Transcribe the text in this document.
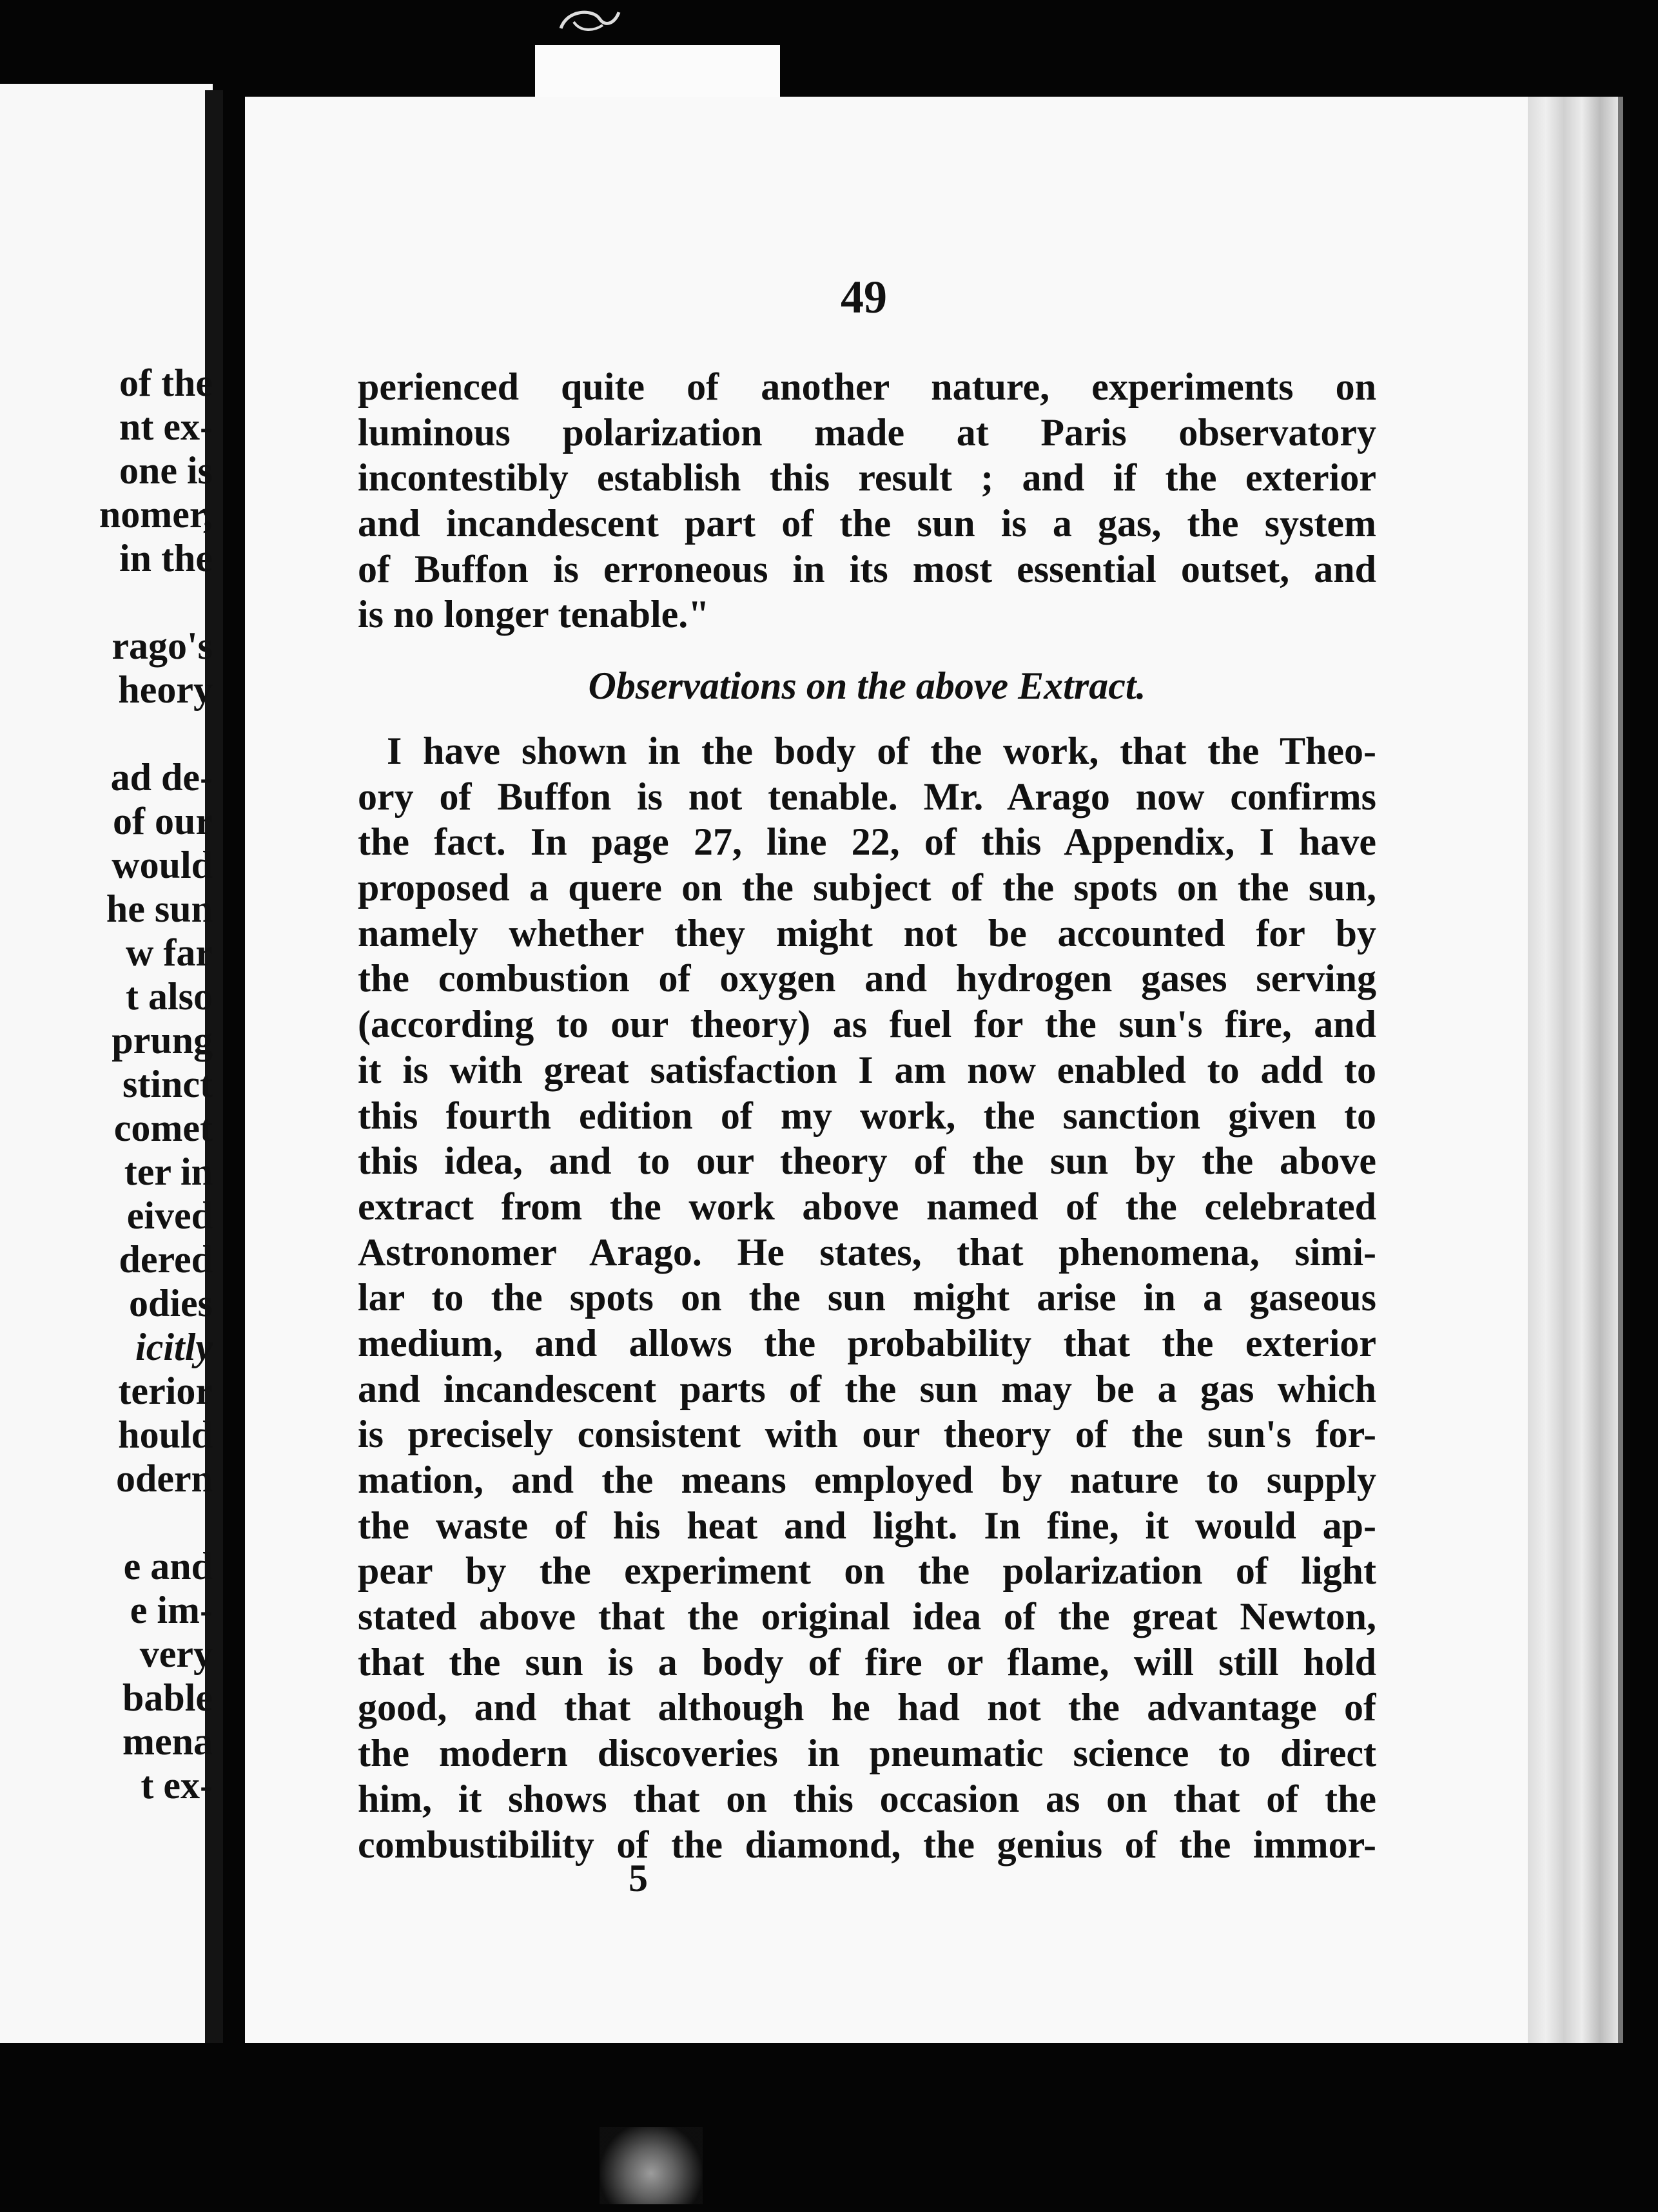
of the
nt ex-
one is
nomer,
in the
rago's
heory
ad de-
of our
would
he sun
w far
t also
prung
stinct
comet
ter in
eived
dered
odies
icitly
terior
hould
odern
e and
e im-
very
bable
mena
t ex-
49
perienced quite of another nature, experiments on
luminous polarization made at Paris observatory
incontestibly establish this result ; and if the exterior
and incandescent part of the sun is a gas, the system
of Buffon is erroneous in its most essential outset, and
is no longer tenable."
Observations on the above Extract.
I have shown in the body of the work, that the Theo-
ory of Buffon is not tenable. Mr. Arago now confirms
the fact. In page 27, line 22, of this Appendix, I have
proposed a quere on the subject of the spots on the sun,
namely whether they might not be accounted for by
the combustion of oxygen and hydrogen gases serving
(according to our theory) as fuel for the sun's fire, and
it is with great satisfaction I am now enabled to add to
this fourth edition of my work, the sanction given to
this idea, and to our theory of the sun by the above
extract from the work above named of the celebrated
Astronomer Arago. He states, that phenomena, simi-
lar to the spots on the sun might arise in a gaseous
medium, and allows the probability that the exterior
and incandescent parts of the sun may be a gas which
is precisely consistent with our theory of the sun's for-
mation, and the means employed by nature to supply
the waste of his heat and light. In fine, it would ap-
pear by the experiment on the polarization of light
stated above that the original idea of the great Newton,
that the sun is a body of fire or flame, will still hold
good, and that although he had not the advantage of
the modern discoveries in pneumatic science to direct
him, it shows that on this occasion as on that of the
combustibility of the diamond, the genius of the immor-
5
